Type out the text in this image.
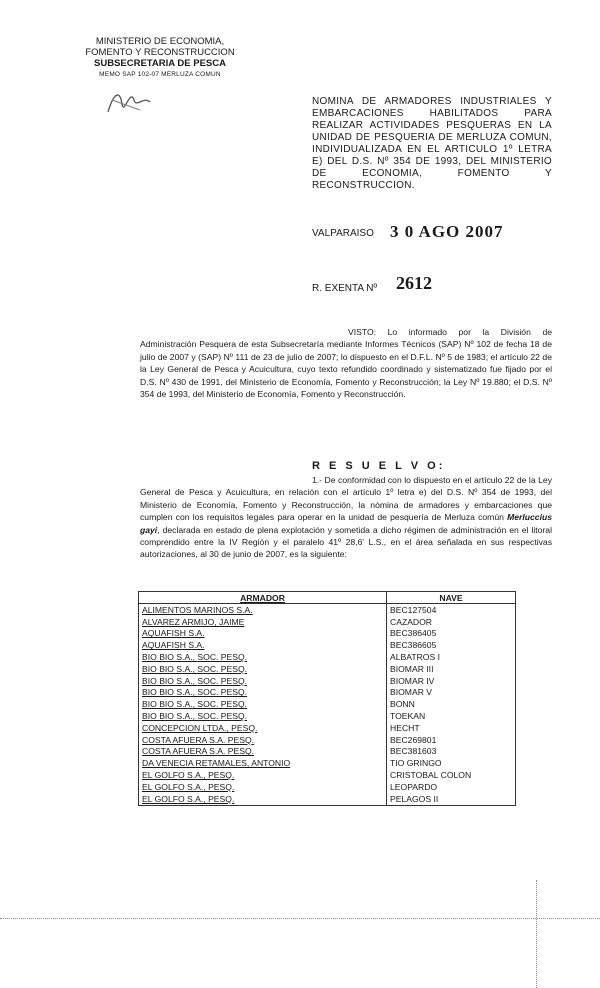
MINISTERIO DE ECONOMIA,
FOMENTO Y RECONSTRUCCION
SUBSECRETARIA DE PESCA
MEMO SAP 102-07 MERLUZA COMUN
NOMINA DE ARMADORES INDUSTRIALES Y EMBARCACIONES HABILITADOS PARA REALIZAR ACTIVIDADES PESQUERAS EN LA UNIDAD DE PESQUERIA DE MERLUZA COMUN, INDIVIDUALIZADA EN EL ARTICULO 1º LETRA E) DEL D.S. Nº 354 DE 1993, DEL MINISTERIO DE ECONOMIA, FOMENTO Y RECONSTRUCCION.
VALPARAISO 3 0 AGO 2007
R. EXENTA Nº 2612
VISTO: Lo informado por la División de Administración Pesquera de esta Subsecretaría mediante Informes Técnicos (SAP) Nº 102 de fecha 18 de julio de 2007 y (SAP) Nº 111 de 23 de julio de 2007; lo dispuesto en el D.F.L. Nº 5 de 1983; el artículo 22 de la Ley General de Pesca y Acuicultura, cuyo texto refundido coordinado y sistematizado fue fijado por el D.S. Nº 430 de 1991, del Ministerio de Economía, Fomento y Reconstrucción; la Ley Nº 19.880; el D.S. Nº 354 de 1993, del Ministerio de Economía, Fomento y Reconstrucción.
R E S U E L V O:
1.- De conformidad con lo dispuesto en el artículo 22 de la Ley General de Pesca y Acuicultura, en relación con el artículo 1º letra e) del D.S. Nº 354 de 1993, del Ministerio de Economía, Fomento y Reconstrucción, la nómina de armadores y embarcaciones que cumplen con los requisitos legales para operar en la unidad de pesquería de Merluza común Merluccius gayi, declarada en estado de plena explotación y sometida a dicho régimen de administración en el litoral comprendido entre la IV Región y el paralelo 41º 28,6' L.S., en el área señalada en sus respectivas autorizaciones, al 30 de junio de 2007, es la siguiente:
ARMADOR	NAVE
ALIMENTOS MARINOS S.A.	BEC127504
ALVAREZ ARMIJO, JAIME	CAZADOR
AQUAFISH S.A.	BEC386405
AQUAFISH S.A.	BEC386605
BIO BIO S.A., SOC. PESQ.	ALBATROS I
BIO BIO S.A., SOC. PESQ.	BIOMAR III
BIO BIO S.A., SOC. PESQ.	BIOMAR IV
BIO BIO S.A., SOC. PESQ.	BIOMAR V
BIO BIO S.A., SOC. PESQ.	BONN
BIO BIO S.A., SOC. PESQ.	TOEKAN
CONCEPCION LTDA., PESQ.	HECHT
COSTA AFUERA S.A. PESQ.	BEC269801
COSTA AFUERA S.A. PESQ.	BEC381603
DA VENECIA RETAMALES, ANTONIO	TIO GRINGO
EL GOLFO S.A., PESQ.	CRISTOBAL COLON
EL GOLFO S.A., PESQ.	LEOPARDO
EL GOLFO S.A., PESQ.	PELAGOS II
